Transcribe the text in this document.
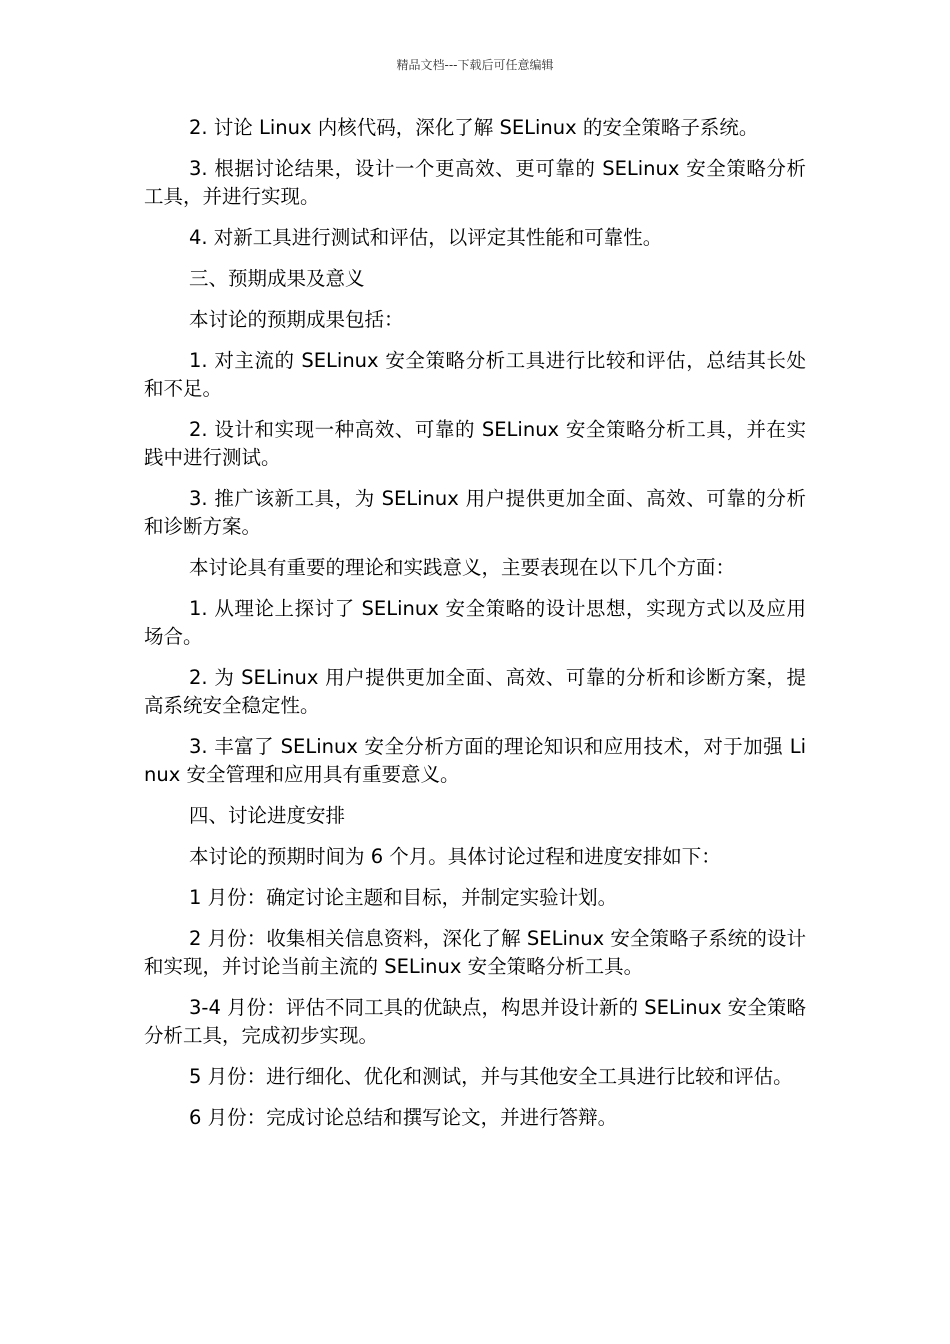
精品文档---下载后可任意编辑

2. 讨论 Linux 内核代码，深化了解 SELinux 的安全策略子系统。

3. 根据讨论结果，设计一个更高效、更可靠的 SELinux 安全策略分析工具，并进行实现。

4. 对新工具进行测试和评估，以评定其性能和可靠性。

三、预期成果及意义

本讨论的预期成果包括：

1. 对主流的 SELinux 安全策略分析工具进行比较和评估，总结其长处和不足。

2. 设计和实现一种高效、可靠的 SELinux 安全策略分析工具，并在实践中进行测试。

3. 推广该新工具，为 SELinux 用户提供更加全面、高效、可靠的分析和诊断方案。

本讨论具有重要的理论和实践意义，主要表现在以下几个方面：

1. 从理论上探讨了 SELinux 安全策略的设计思想，实现方式以及应用场合。

2. 为 SELinux 用户提供更加全面、高效、可靠的分析和诊断方案，提高系统安全稳定性。

3. 丰富了 SELinux 安全分析方面的理论知识和应用技术，对于加强 Linux 安全管理和应用具有重要意义。

四、讨论进度安排

本讨论的预期时间为 6 个月。具体讨论过程和进度安排如下：

1 月份：确定讨论主题和目标，并制定实验计划。

2 月份：收集相关信息资料，深化了解 SELinux 安全策略子系统的设计和实现，并讨论当前主流的 SELinux 安全策略分析工具。

3-4 月份：评估不同工具的优缺点，构思并设计新的 SELinux 安全策略分析工具，完成初步实现。

5 月份：进行细化、优化和测试，并与其他安全工具进行比较和评估。

6 月份：完成讨论总结和撰写论文，并进行答辩。
